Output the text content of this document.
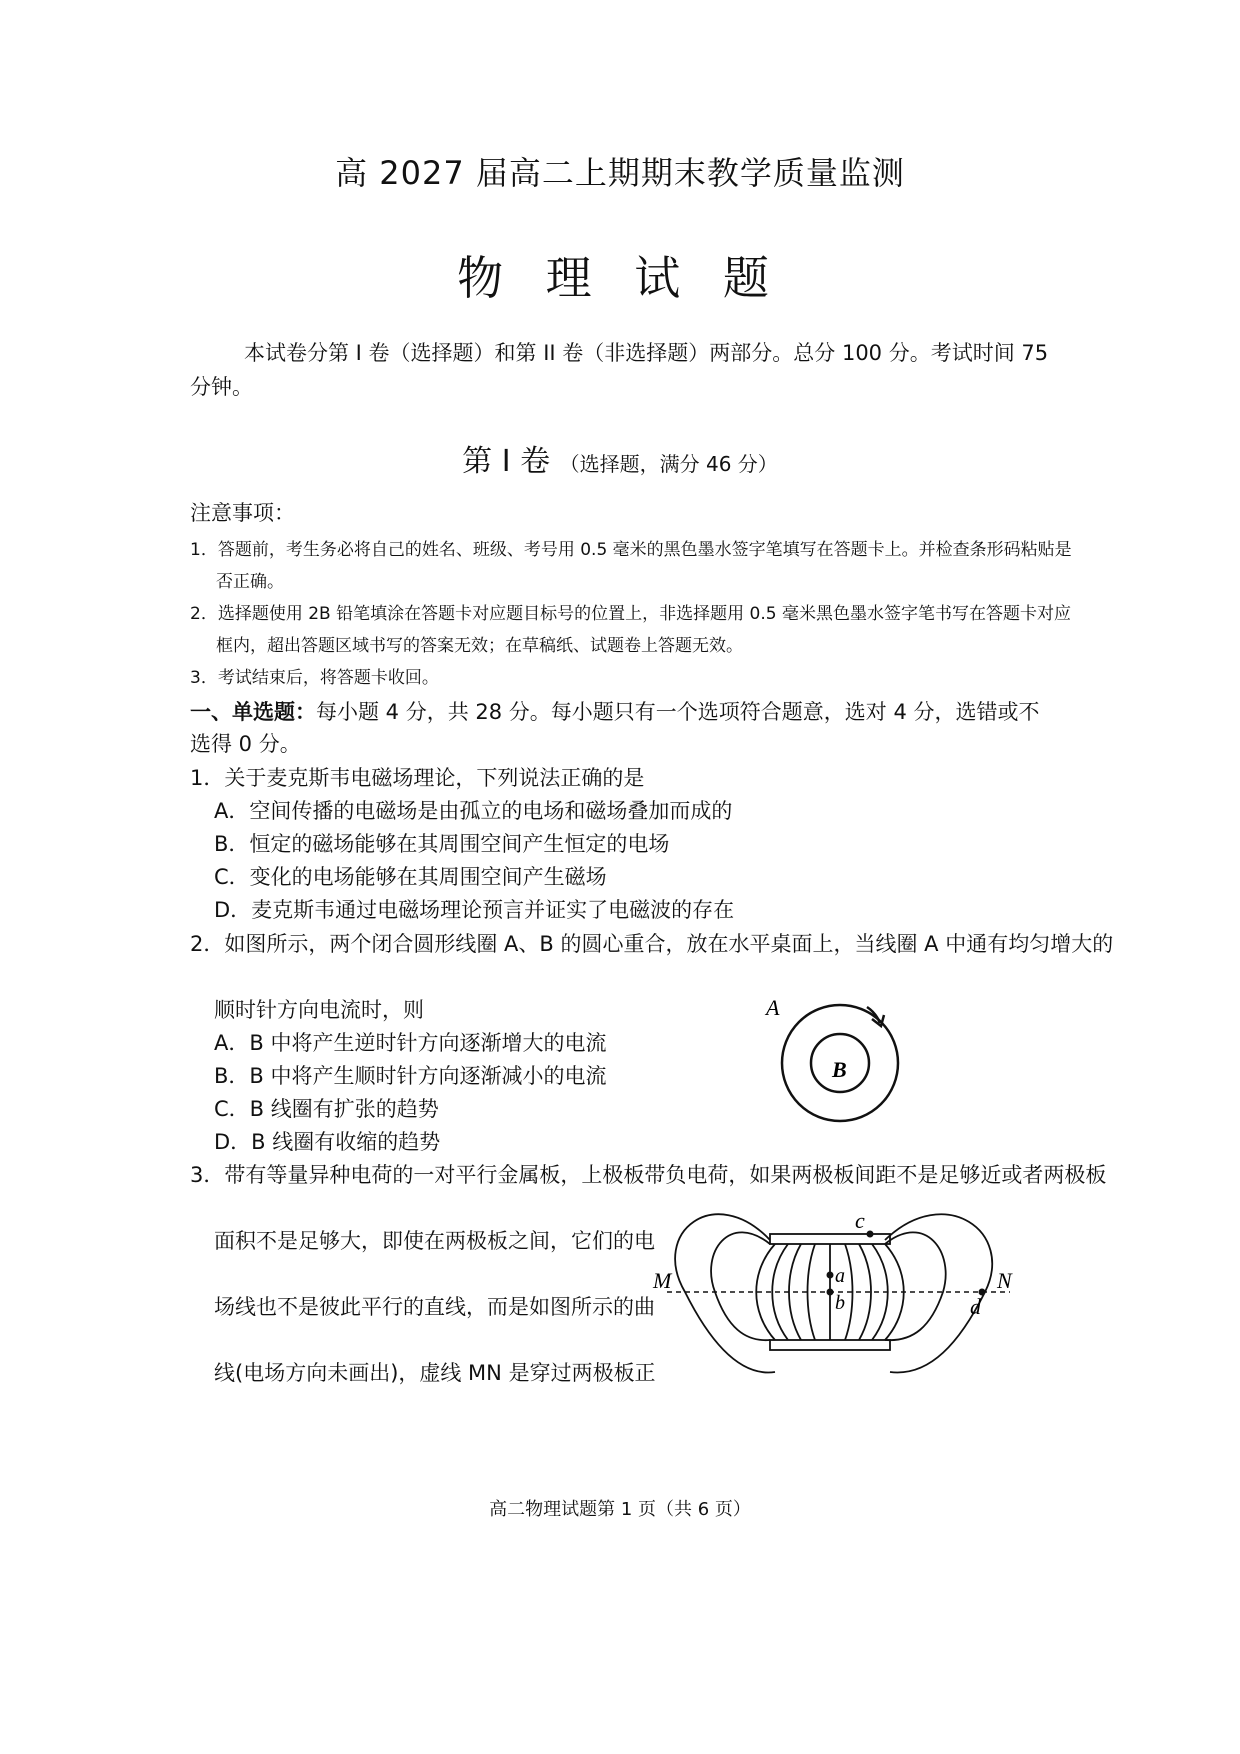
高 2027 届高二上期期末教学质量监测
物 理 试 题
本试卷分第 I 卷（选择题）和第 II 卷（非选择题）两部分。总分 100 分。考试时间 75 分钟。
第 I 卷 （选择题，满分 46 分）
注意事项：
1．答题前，考生务必将自己的姓名、班级、考号用 0.5 毫米的黑色墨水签字笔填写在答题卡上。并检查条形码粘贴是否正确。
2．选择题使用 2B 铅笔填涂在答题卡对应题目标号的位置上，非选择题用 0.5 毫米黑色墨水签字笔书写在答题卡对应框内，超出答题区域书写的答案无效；在草稿纸、试题卷上答题无效。
3．考试结束后，将答题卡收回。
一、单选题：每小题 4 分，共 28 分。每小题只有一个选项符合题意，选对 4 分，选错或不选得 0 分。
1．关于麦克斯韦电磁场理论，下列说法正确的是
A．空间传播的电磁场是由孤立的电场和磁场叠加而成的
B．恒定的磁场能够在其周围空间产生恒定的电场
C．变化的电场能够在其周围空间产生磁场
D．麦克斯韦通过电磁场理论预言并证实了电磁波的存在
2．如图所示，两个闭合圆形线圈 A、B 的圆心重合，放在水平桌面上，当线圈 A 中通有均匀增大的
顺时针方向电流时，则
A．B 中将产生逆时针方向逐渐增大的电流
B．B 中将产生顺时针方向逐渐减小的电流
C．B 线圈有扩张的趋势
D．B 线圈有收缩的趋势
A
B
3．带有等量异种电荷的一对平行金属板，上极板带负电荷，如果两极板间距不是足够近或者两极板
面积不是足够大，即使在两极板之间，它们的电
场线也不是彼此平行的直线，而是如图所示的曲
线(电场方向未画出)，虚线 MN 是穿过两极板正
M	N
a
b
c
d
高二物理试题第 1 页（共 6 页）
